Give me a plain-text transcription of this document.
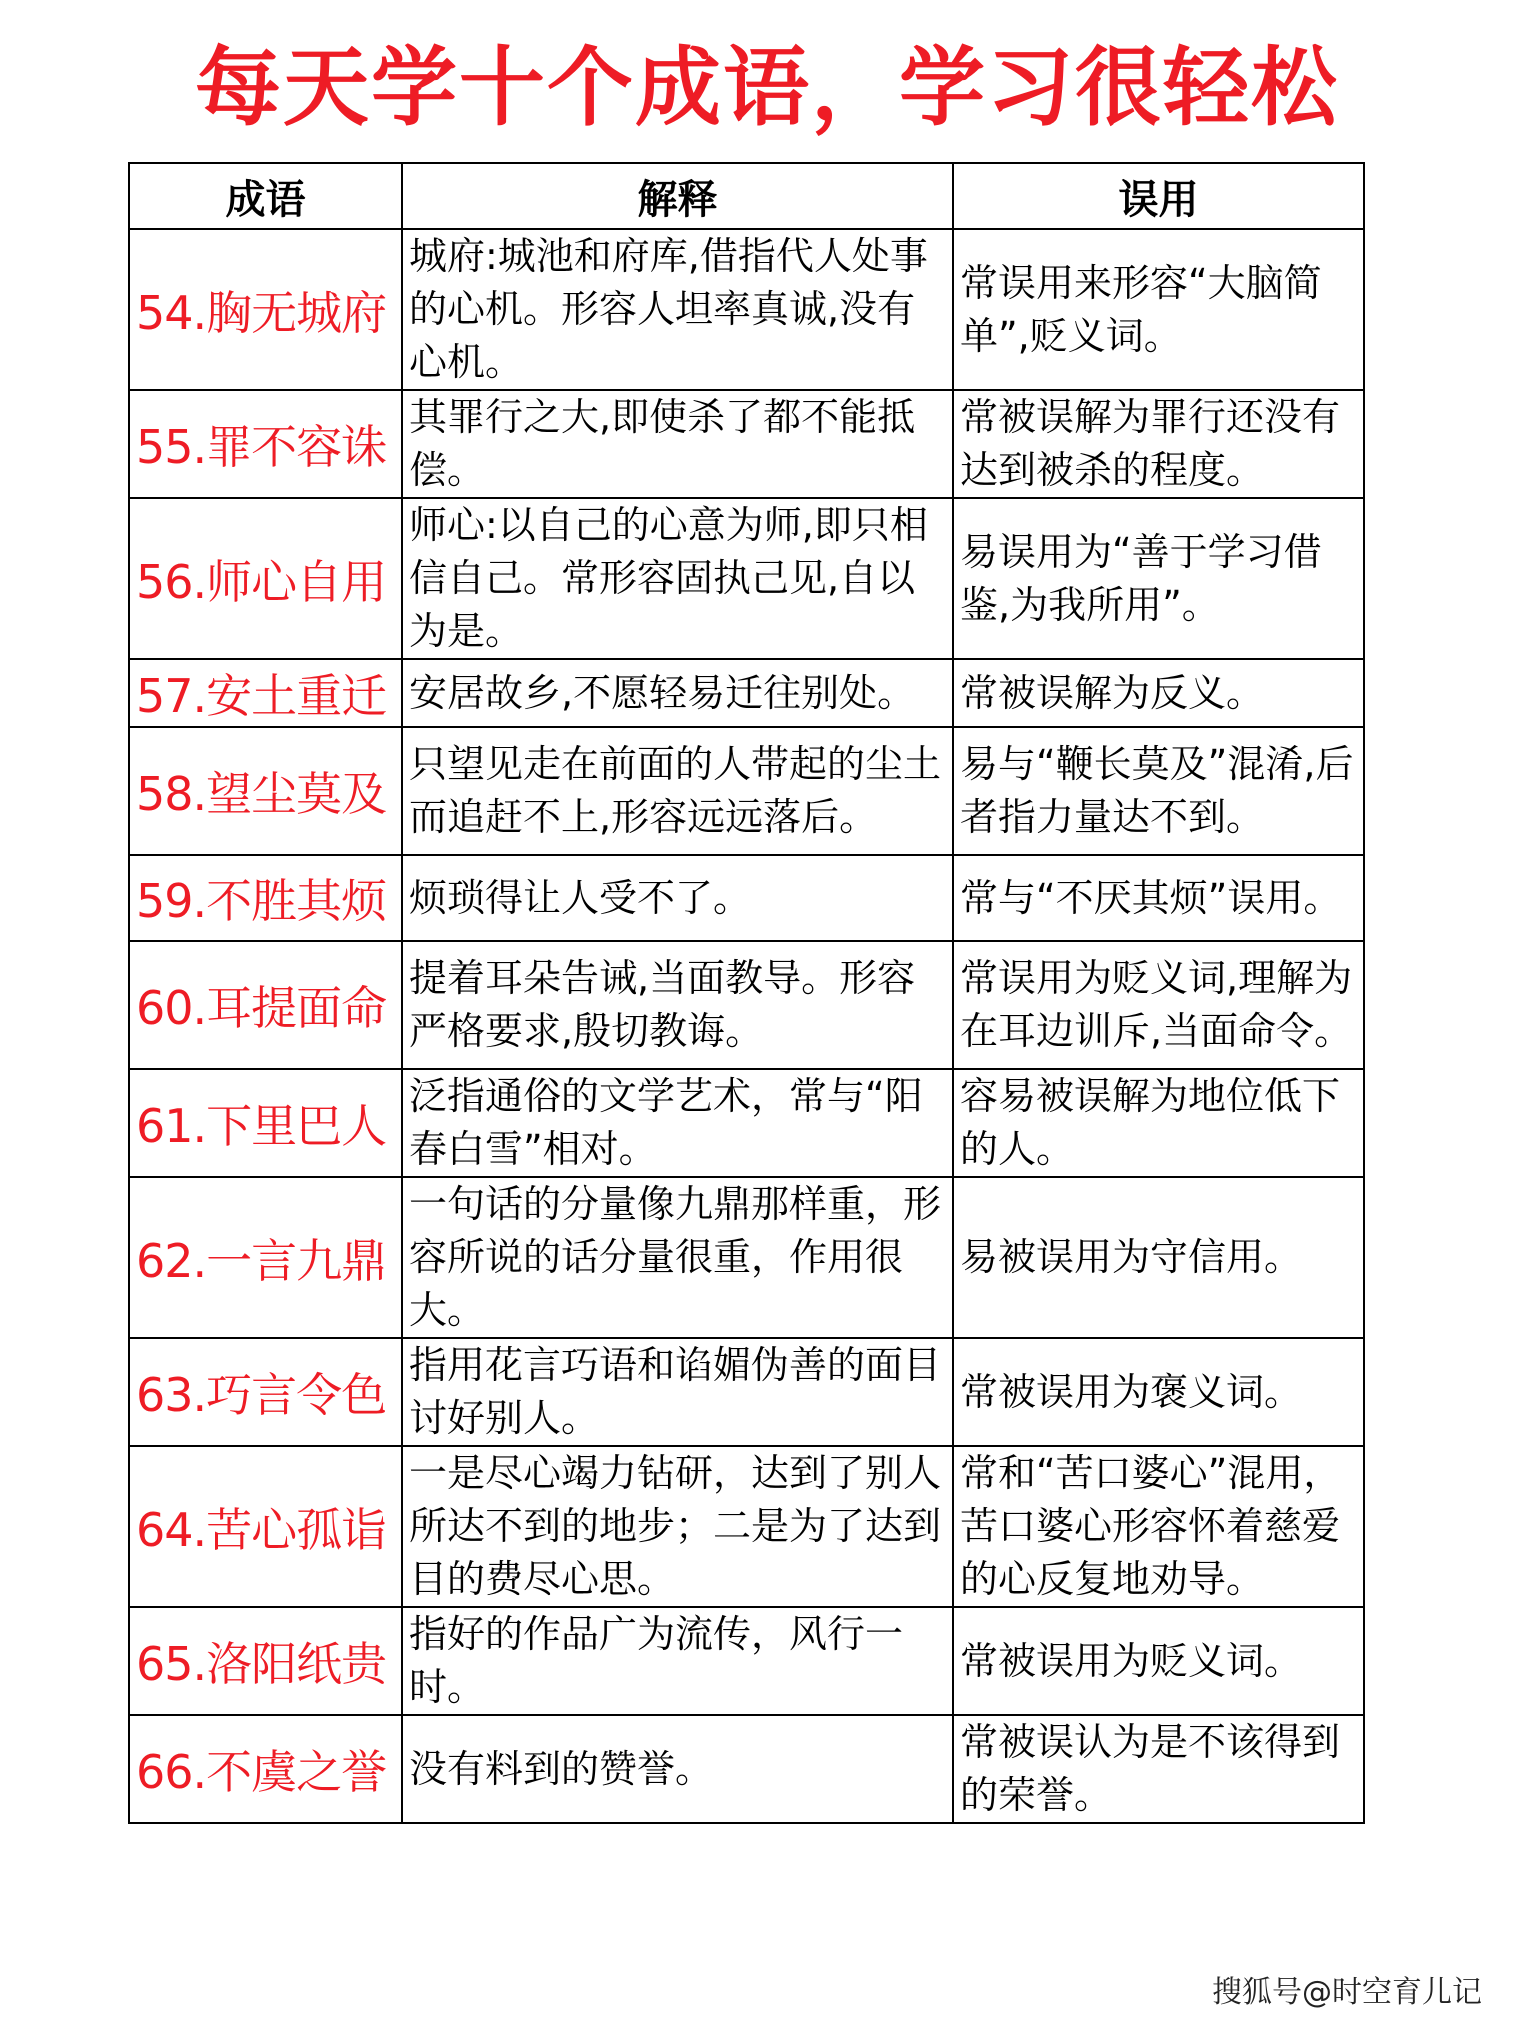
每天学十个成语，学习很轻松
成语	解释	误用
54.胸无城府	城府:城池和府库,借指代人处事的心机。形容人坦率真诚,没有心机。	常误用来形容“大脑简单”,贬义词。
55.罪不容诛	其罪行之大,即使杀了都不能抵偿。	常被误解为罪行还没有达到被杀的程度。
56.师心自用	师心:以自己的心意为师,即只相信自己。常形容固执己见,自以为是。	易误用为“善于学习借鉴,为我所用”。
57.安土重迁	安居故乡,不愿轻易迁往别处。	常被误解为反义。
58.望尘莫及	只望见走在前面的人带起的尘土而追赶不上,形容远远落后。	易与“鞭长莫及”混淆,后者指力量达不到。
59.不胜其烦	烦琐得让人受不了。	常与“不厌其烦”误用。
60.耳提面命	提着耳朵告诫,当面教导。形容严格要求,殷切教诲。	常误用为贬义词,理解为在耳边训斥,当面命令。
61.下里巴人	泛指通俗的文学艺术，常与“阳春白雪”相对。	容易被误解为地位低下的人。
62.一言九鼎	一句话的分量像九鼎那样重，形容所说的话分量很重，作用很大。	易被误用为守信用。
63.巧言令色	指用花言巧语和谄媚伪善的面目讨好别人。	常被误用为褒义词。
64.苦心孤诣	一是尽心竭力钻研，达到了别人所达不到的地步；二是为了达到目的费尽心思。	常和“苦口婆心”混用，苦口婆心形容怀着慈爱的心反复地劝导。
65.洛阳纸贵	指好的作品广为流传，风行一时。	常被误用为贬义词。
66.不虞之誉	没有料到的赞誉。	常被误认为是不该得到的荣誉。
搜狐号@时空育儿记
